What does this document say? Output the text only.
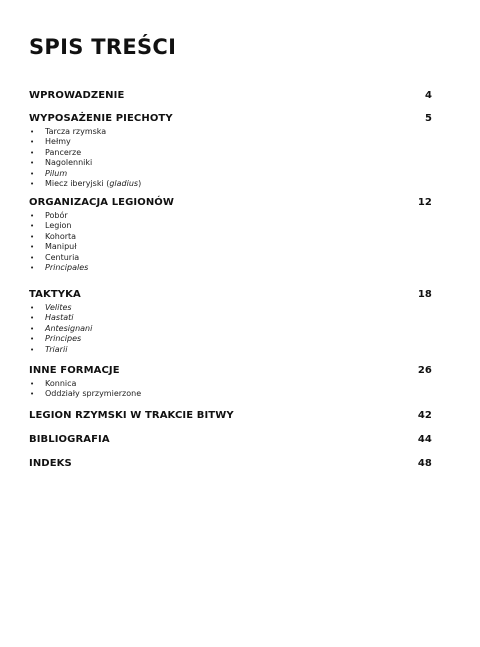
SPIS TREŚCI
WPROWADZENIE	4
WYPOSAŻENIE PIECHOTY	5
• Tarcza rzymska
• Hełmy
• Pancerze
• Nagolenniki
• Pilum
• Miecz iberyjski (gladius)
ORGANIZACJA LEGIONÓW	12
• Pobór
• Legion
• Kohorta
• Manipuł
• Centuria
• Principales
TAKTYKA	18
• Velites
• Hastati
• Antesignani
• Principes
• Triarii
INNE FORMACJE	26
• Konnica
• Oddziały sprzymierzone
LEGION RZYMSKI W TRAKCIE BITWY	42
BIBLIOGRAFIA	44
INDEKS	48
